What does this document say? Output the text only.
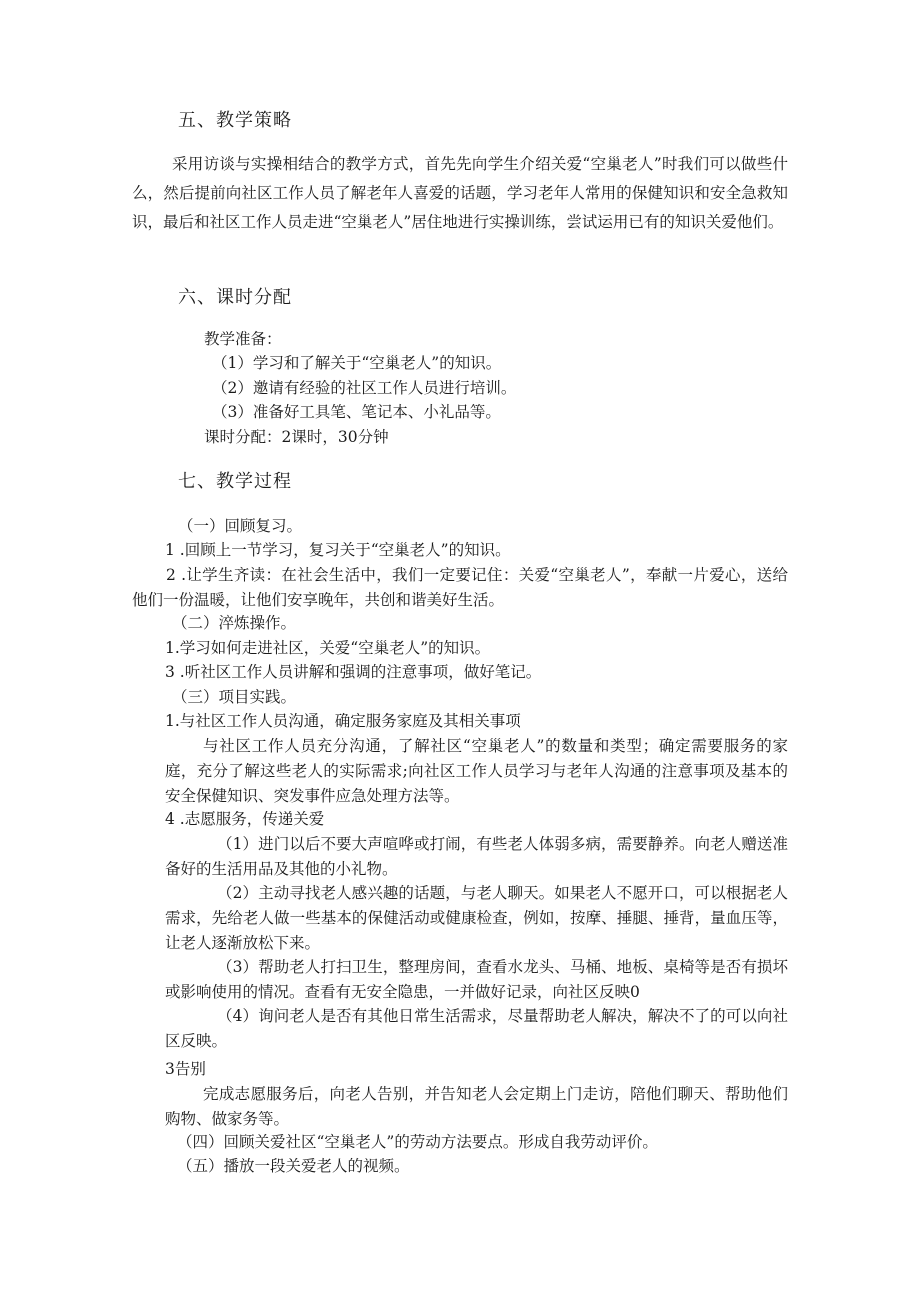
五、教学策略

采用访谈与实操相结合的教学方式，首先先向学生介绍关爱“空巢老人”时我们可以做些什么，然后提前向社区工作人员了解老年人喜爱的话题，学习老年人常用的保健知识和安全急救知识，最后和社区工作人员走进“空巢老人”居住地进行实操训练，尝试运用已有的知识关爱他们。

六、课时分配

教学准备：

（1）学习和了解关于“空巢老人”的知识。

（2）邀请有经验的社区工作人员进行培训。

（3）准备好工具笔、笔记本、小礼品等。

课时分配：2课时，30分钟

七、教学过程

（一）回顾复习。

1 .回顾上一节学习，复习关于“空巢老人”的知识。

2 .让学生齐读：在社会生活中，我们一定要记住：关爱“空巢老人”，奉献一片爱心，送给他们一份温暖，让他们安享晚年，共创和谐美好生活。

（二）淬炼操作。

1.学习如何走进社区，关爱“空巢老人”的知识。

3 .听社区工作人员讲解和强调的注意事项，做好笔记。

（三）项目实践。

1.与社区工作人员沟通，确定服务家庭及其相关事项

与社区工作人员充分沟通，了解社区“空巢老人”的数量和类型；确定需要服务的家庭，充分了解这些老人的实际需求;向社区工作人员学习与老年人沟通的注意事项及基本的安全保健知识、突发事件应急处理方法等。

4 .志愿服务，传递关爱

（1）进门以后不要大声喧哗或打闹，有些老人体弱多病，需要静养。向老人赠送准备好的生活用品及其他的小礼物。

（2）主动寻找老人感兴趣的话题，与老人聊天。如果老人不愿开口，可以根据老人需求，先给老人做一些基本的保健活动或健康检查，例如，按摩、捶腿、捶背，量血压等，让老人逐渐放松下来。

（3）帮助老人打扫卫生，整理房间，查看水龙头、马桶、地板、桌椅等是否有损坏或影响使用的情况。查看有无安全隐患，一并做好记录，向社区反映0

（4）询问老人是否有其他日常生活需求，尽量帮助老人解决，解决不了的可以向社区反映。

3告别

完成志愿服务后，向老人告别，并告知老人会定期上门走访，陪他们聊天、帮助他们购物、做家务等。

（四）回顾关爱社区“空巢老人”的劳动方法要点。形成自我劳动评价。

（五）播放一段关爱老人的视频。
